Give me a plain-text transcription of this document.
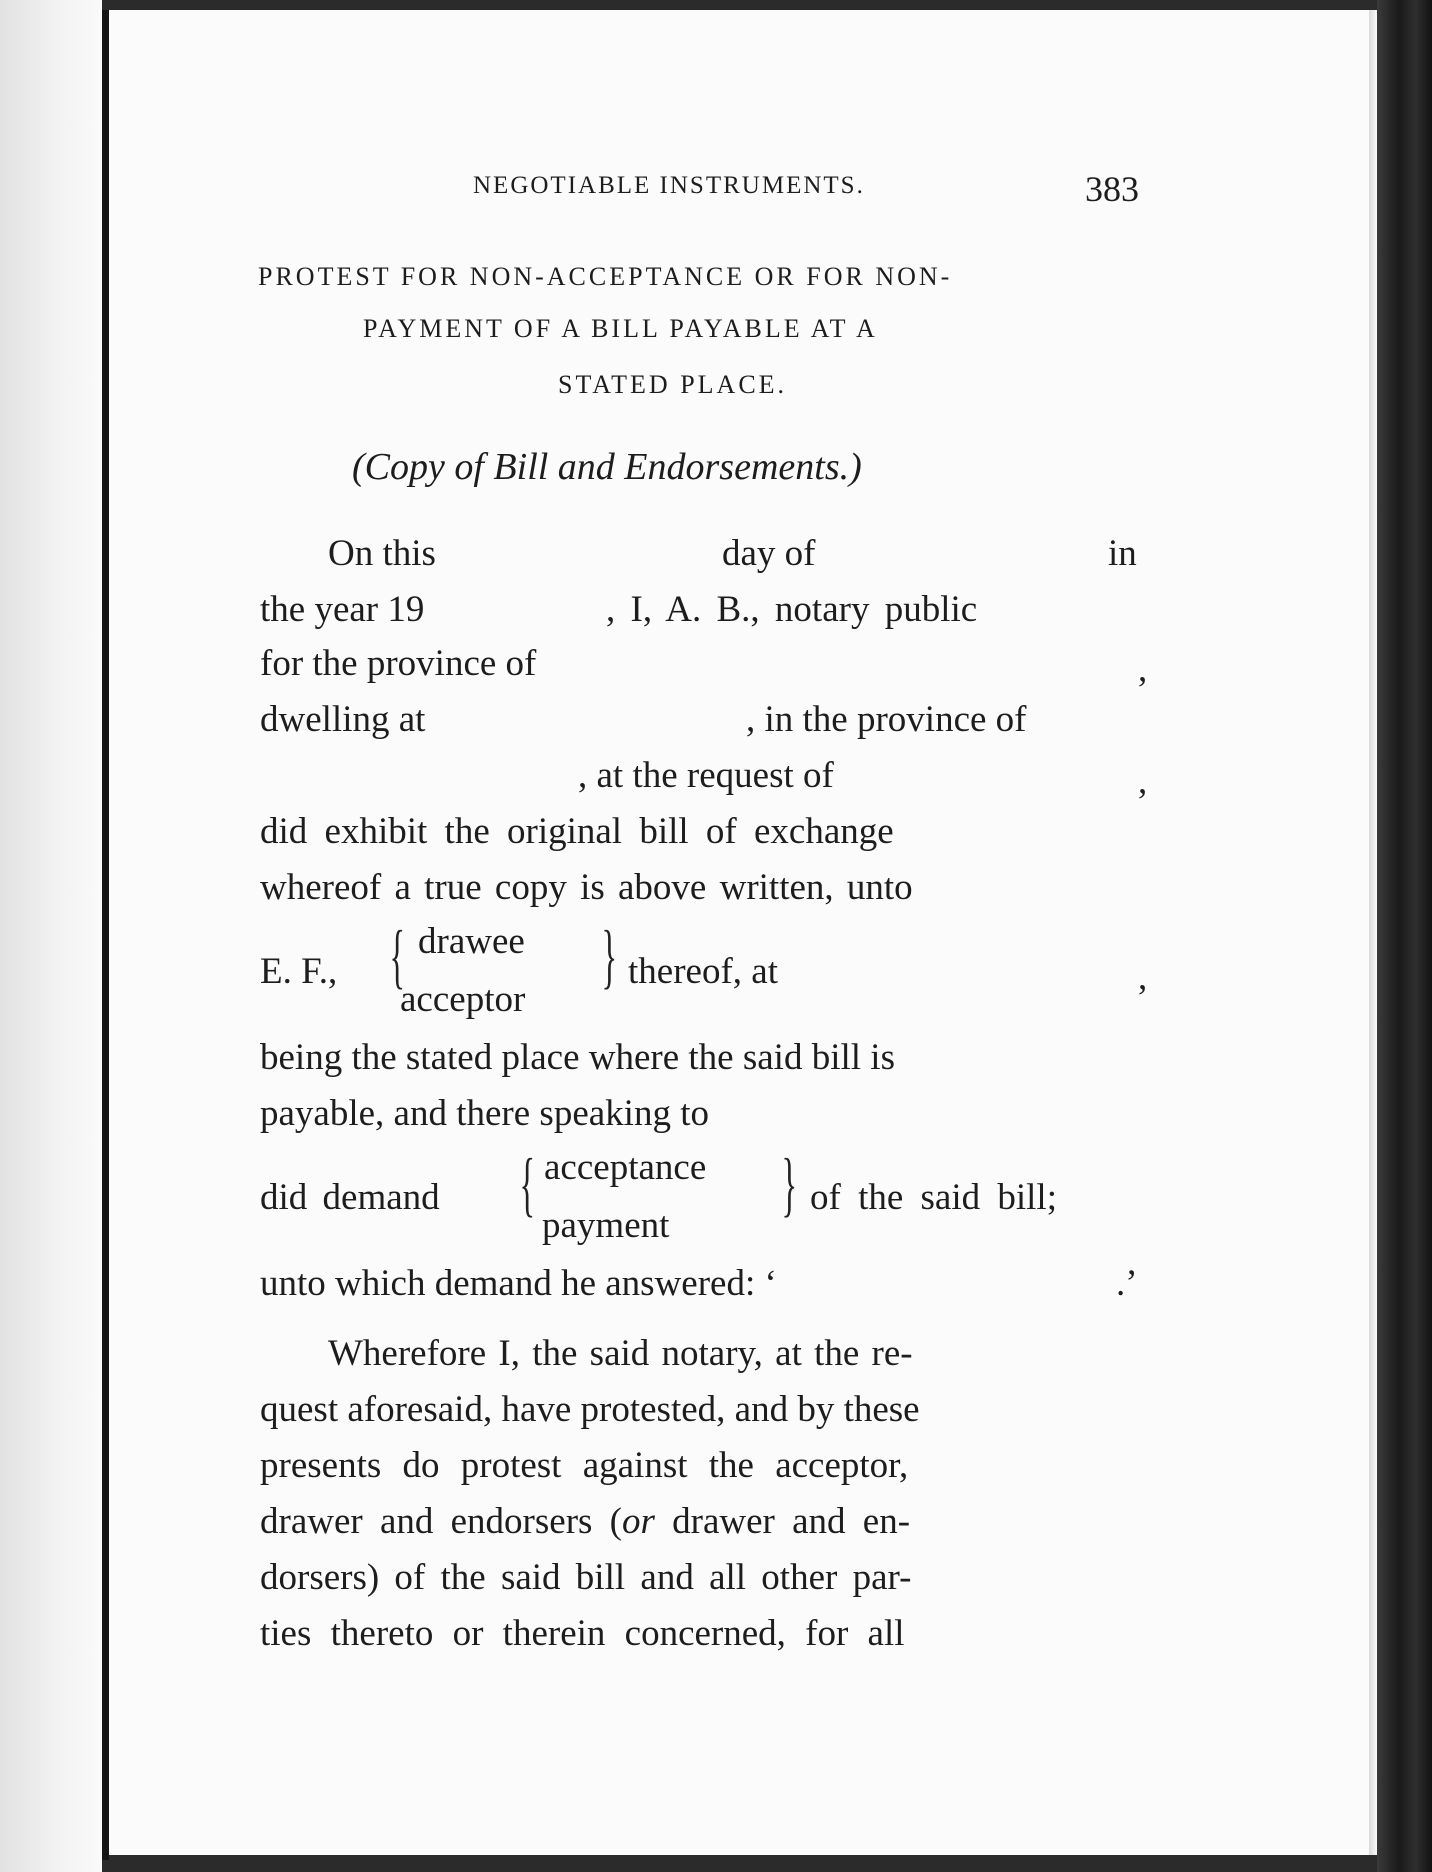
NEGOTIABLE INSTRUMENTS.	383
PROTEST FOR NON-ACCEPTANCE OR FOR NON-
PAYMENT OF A BILL PAYABLE AT A
STATED PLACE.
(Copy of Bill and Endorsements.)
On this	day of	in
the year 19	, I, A. B., notary public
for the province of	,
dwelling at	, in the province of
, at the request of	,
did exhibit the original bill of exchange
whereof a true copy is above written, unto
E. F., { drawee
acceptor
} thereof, at	,
being the stated place where the said bill is
payable, and there speaking to
did demand { acceptance
payment
} of the said bill;
unto which demand he answered: ‘	.’
Wherefore I, the said notary, at the re-
quest aforesaid, have protested, and by these
presents do protest against the acceptor,
drawer and endorsers (or drawer and en-
dorsers) of the said bill and all other par-
ties thereto or therein concerned, for all
